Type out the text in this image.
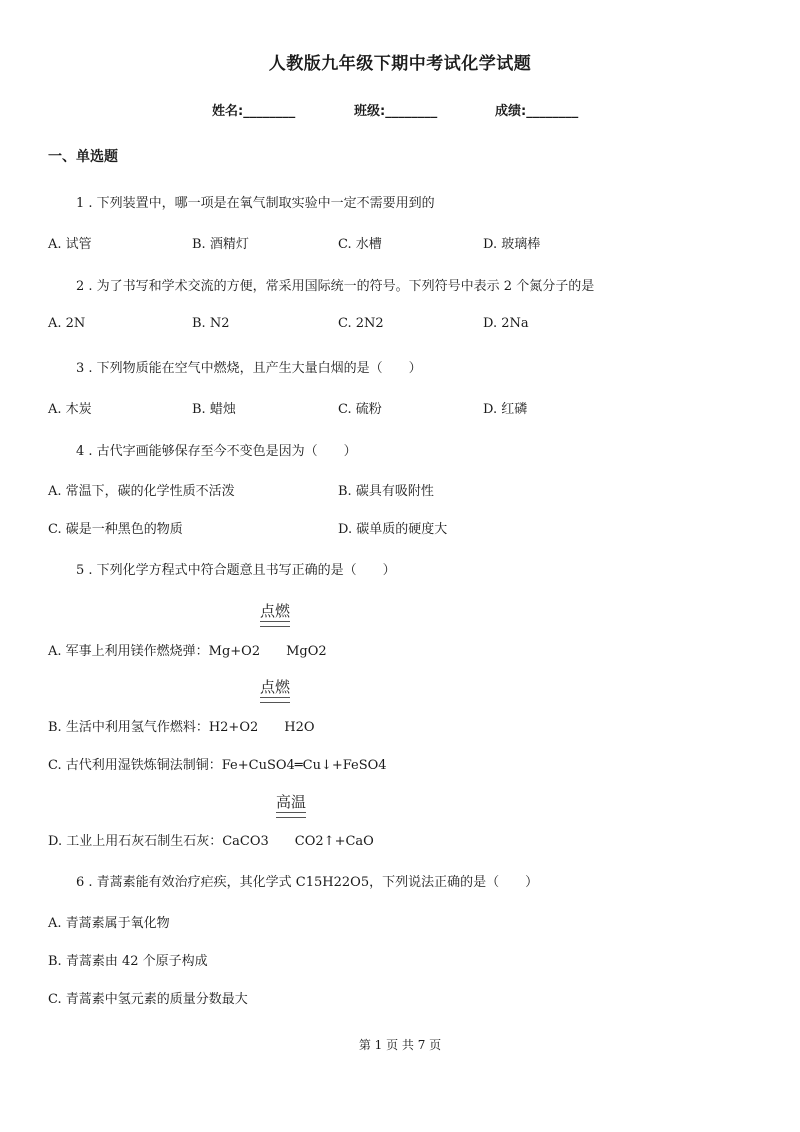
人教版九年级下期中考试化学试题
姓名:________	班级:________	成绩:________
一、单选题
1 . 下列装置中，哪一项是在氧气制取实验中一定不需要用到的
A. 试管	B. 酒精灯	C. 水槽	D. 玻璃棒
2 . 为了书写和学术交流的方便，常采用国际统一的符号。下列符号中表示 2 个氮分子的是
A. 2N	B. N2	C. 2N2	D. 2Na
3 . 下列物质能在空气中燃烧，且产生大量白烟的是（　　）
A. 木炭	B. 蜡烛	C. 硫粉	D. 红磷
4 . 古代字画能够保存至今不变色是因为（　　）
A. 常温下，碳的化学性质不活泼	B. 碳具有吸附性
C. 碳是一种黑色的物质	D. 碳单质的硬度大
5 . 下列化学方程式中符合题意且书写正确的是（　　）
点燃
A. 军事上利用镁作燃烧弹：Mg+O2　　MgO2
点燃
B. 生活中利用氢气作燃料：H2+O2　　H2O
C. 古代利用湿铁炼铜法制铜：Fe+CuSO4═Cu↓+FeSO4
高温
D. 工业上用石灰石制生石灰：CaCO3　　CO2↑+CaO
6 . 青蒿素能有效治疗疟疾，其化学式 C15H22O5，下列说法正确的是（　　）
A. 青蒿素属于氧化物
B. 青蒿素由 42 个原子构成
C. 青蒿素中氢元素的质量分数最大
第 1 页 共 7 页
